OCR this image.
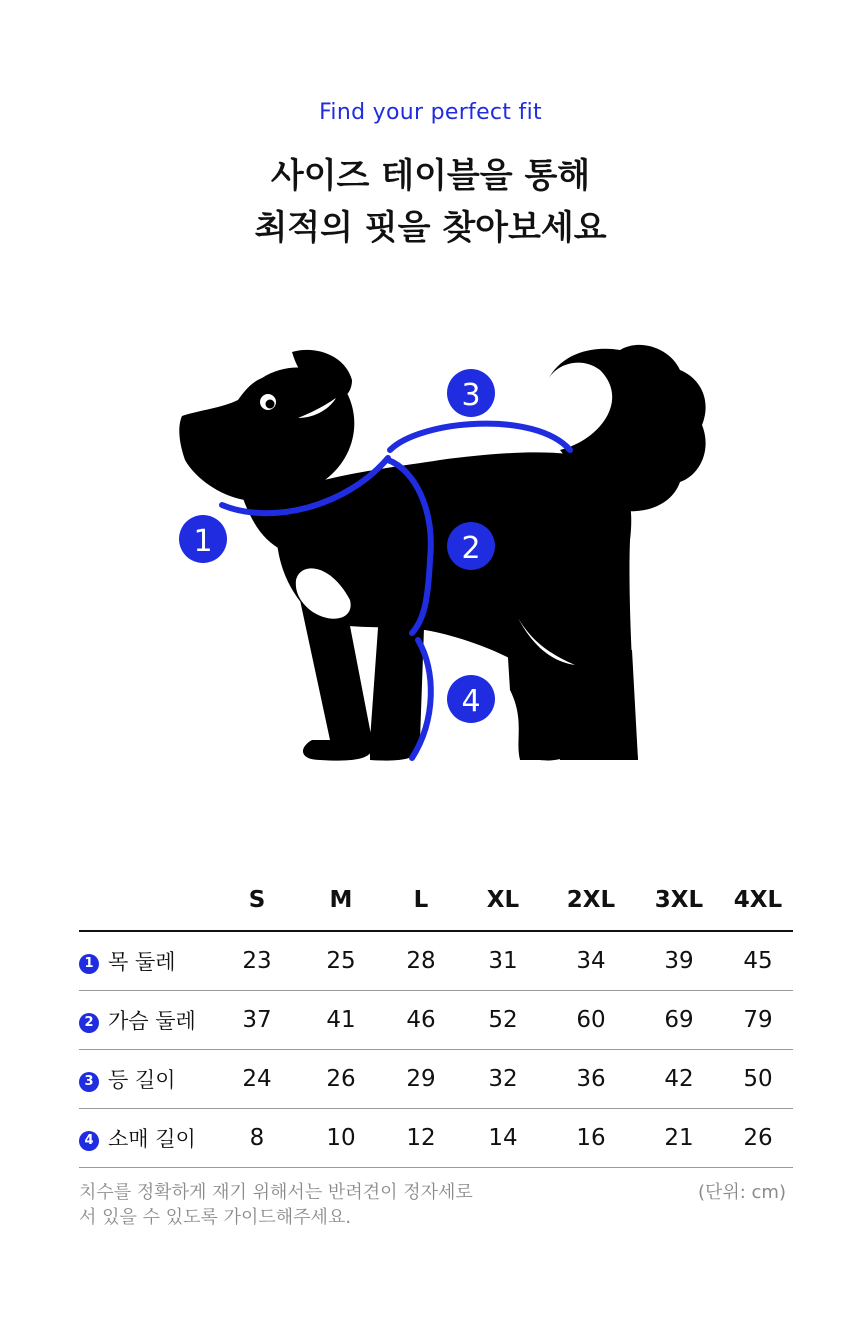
Find your perfect fit
사이즈 테이블을 통해
최적의 핏을 찾아보세요
1	2
3
4
	S	M	L	XL	2XL	3XL	4XL
1 목 둘레	23	25	28	31	34	39	45
2 가슴 둘레	37	41	46	52	60	69	79
3 등 길이	24	26	29	32	36	42	50
4 소매 길이	8	10	12	14	16	21	26
치수를 정확하게 재기 위해서는 반려견이 정자세로
서 있을 수 있도록 가이드해주세요.
(단위: cm)
